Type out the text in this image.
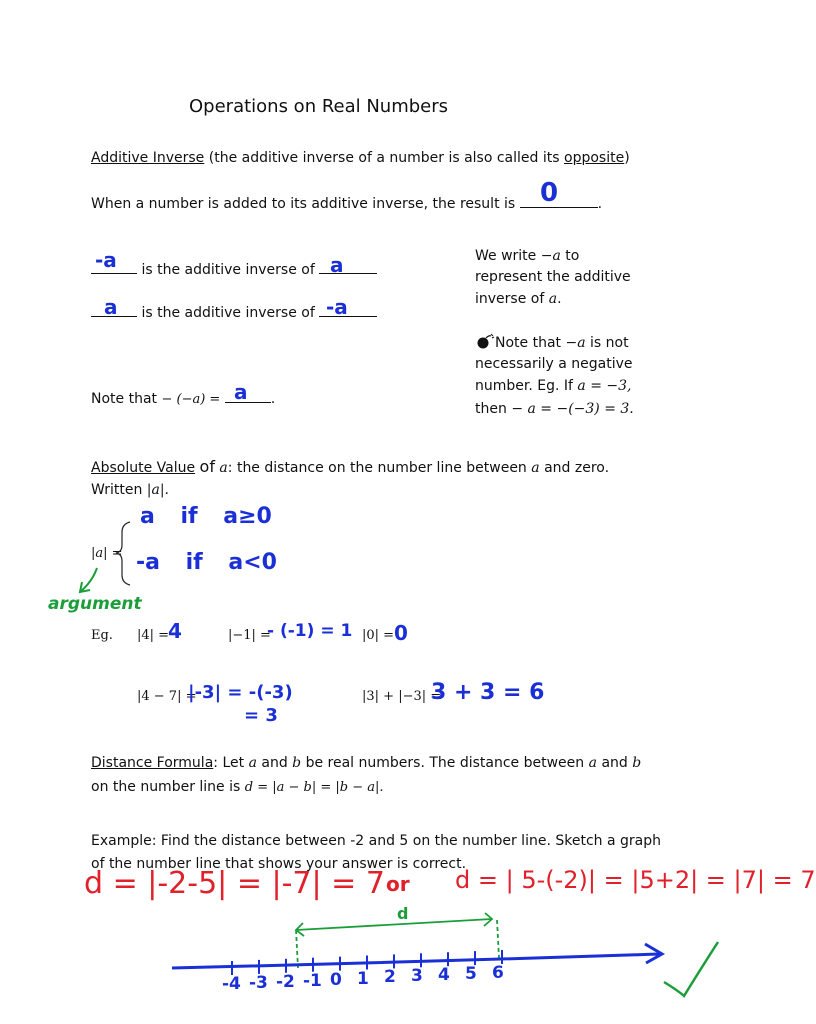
Operations on Real Numbers
Additive Inverse (the additive inverse of a number is also called its opposite)
When a number is added to its additive inverse, the result is	.
0
is the additive inverse of
-a	a
is the additive inverse of
a	-a
Note that − (−a) =	.
a
We write −a to
represent the additive
inverse of a.
Note that −a is not
necessarily a negative
number. Eg. If a = −3,
then − a = −(−3) = 3.
Absolute Value of a: the distance on the number line between a and zero.
Written |a|.
|a| =
a if a≥0
-a if a<0
argument
Eg. |4| =
4	|−1| =
- (-1) = 1 |0| = 0
|4 − 7| =
|-3| = -(-3)
= 3
|3| + |−3| =
3 + 3 = 6
Distance Formula: Let a and b be real numbers. The distance between a and b
on the number line is d = |a − b| = |b − a|.
Example: Find the distance between -2 and 5 on the number line. Sketch a graph
of the number line that shows your answer is correct.
d = |-2-5| = |-7| = 7 or d = | 5-(-2)| = |5+2| = |7| = 7
d
-4 -3 -2 -1 0 1 2 3 4 5 6
